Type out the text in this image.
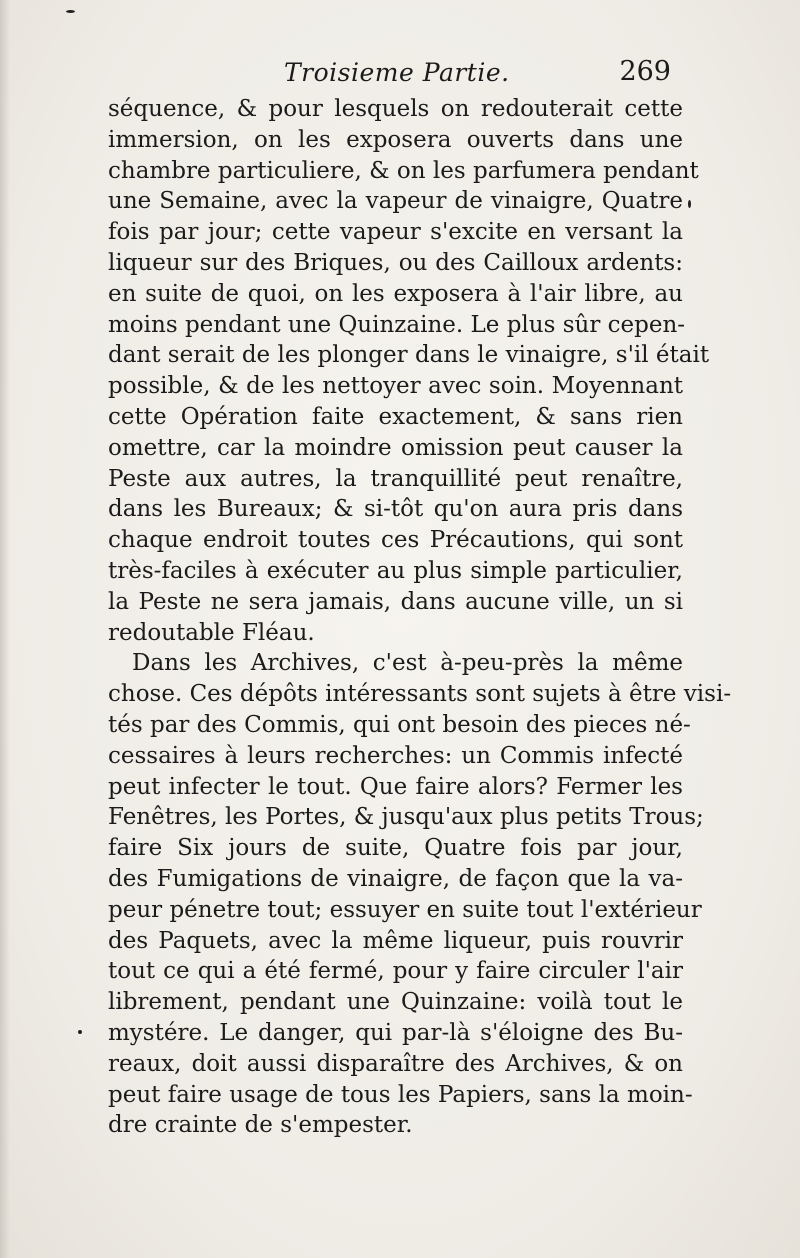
Troisieme Partie.	269
séquence, & pour lesquels on redouterait cette
immersion, on les exposera ouverts dans une
chambre particuliere, & on les parfumera pendant
une Semaine, avec la vapeur de vinaigre, Quatre
fois par jour; cette vapeur s'excite en versant la
liqueur sur des Briques, ou des Cailloux ardents:
en suite de quoi, on les exposera à l'air libre, au
moins pendant une Quinzaine. Le plus sûr cepen-
dant serait de les plonger dans le vinaigre, s'il était
possible, & de les nettoyer avec soin. Moyennant
cette Opération faite exactement, & sans rien
omettre, car la moindre omission peut causer la
Peste aux autres, la tranquillité peut renaître,
dans les Bureaux; & si-tôt qu'on aura pris dans
chaque endroit toutes ces Précautions, qui sont
très-faciles à exécuter au plus simple particulier,
la Peste ne sera jamais, dans aucune ville, un si
redoutable Fléau.
Dans les Archives, c'est à-peu-près la même
chose. Ces dépôts intéressants sont sujets à être visi-
tés par des Commis, qui ont besoin des pieces né-
cessaires à leurs recherches: un Commis infecté
peut infecter le tout. Que faire alors? Fermer les
Fenêtres, les Portes, & jusqu'aux plus petits Trous;
faire Six jours de suite, Quatre fois par jour,
des Fumigations de vinaigre, de façon que la va-
peur pénetre tout; essuyer en suite tout l'extérieur
des Paquets, avec la même liqueur, puis rouvrir
tout ce qui a été fermé, pour y faire circuler l'air
librement, pendant une Quinzaine: voilà tout le
mystére. Le danger, qui par-là s'éloigne des Bu-
reaux, doit aussi disparaître des Archives, & on
peut faire usage de tous les Papiers, sans la moin-
dre crainte de s'empester.
